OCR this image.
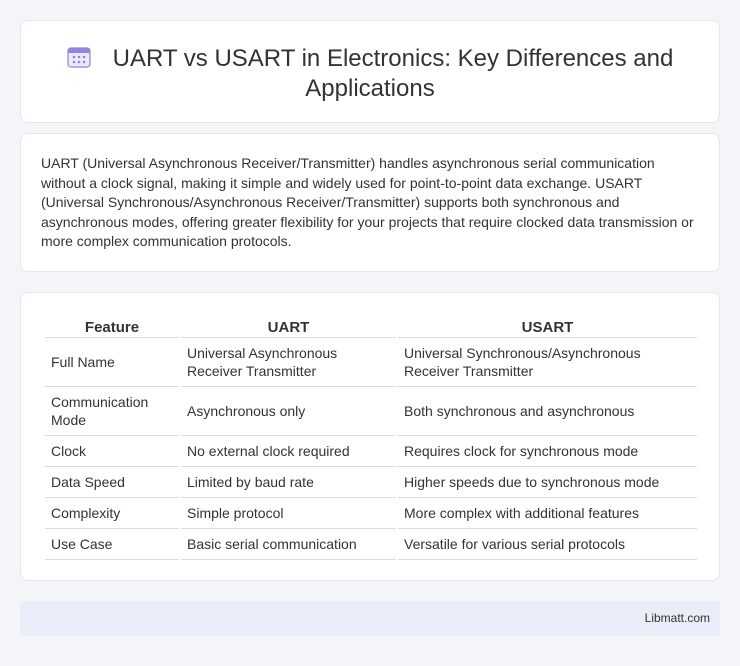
UART vs USART in Electronics: Key Differences and Applications

UART (Universal Asynchronous Receiver/Transmitter) handles asynchronous serial communication without a clock signal, making it simple and widely used for point-to-point data exchange. USART (Universal Synchronous/Asynchronous Receiver/Transmitter) supports both synchronous and asynchronous modes, offering greater flexibility for your projects that require clocked data transmission or more complex communication protocols.

Feature	UART	USART
Full Name	Universal Asynchronous Receiver Transmitter	Universal Synchronous/Asynchronous Receiver Transmitter
Communication Mode	Asynchronous only	Both synchronous and asynchronous
Clock	No external clock required	Requires clock for synchronous mode
Data Speed	Limited by baud rate	Higher speeds due to synchronous mode
Complexity	Simple protocol	More complex with additional features
Use Case	Basic serial communication	Versatile for various serial protocols
Libmatt.com
